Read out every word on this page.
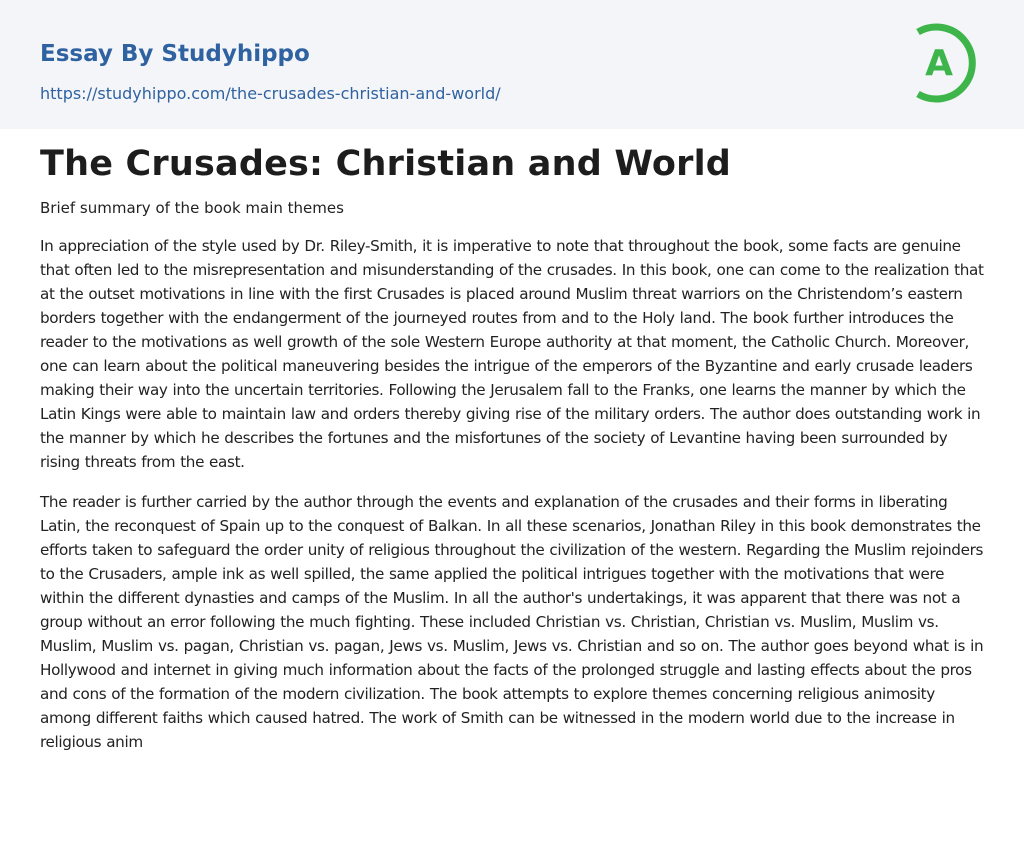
Essay By Studyhippo
https://studyhippo.com/the-crusades-christian-and-world/
A
The Crusades: Christian and World
Brief summary of the book main themes

In appreciation of the style used by Dr. Riley-Smith, it is imperative to note that throughout the book, some facts are genuine that often led to the misrepresentation and misunderstanding of the crusades. In this book, one can come to the realization that at the outset motivations in line with the first Crusades is placed around Muslim threat warriors on the Christendom’s eastern borders together with the endangerment of the journeyed routes from and to the Holy land. The book further introduces the reader to the motivations as well growth of the sole Western Europe authority at that moment, the Catholic Church. Moreover, one can learn about the political maneuvering besides the intrigue of the emperors of the Byzantine and early crusade leaders making their way into the uncertain territories. Following the Jerusalem fall to the Franks, one learns the manner by which the Latin Kings were able to maintain law and orders thereby giving rise of the military orders. The author does outstanding work in the manner by which he describes the fortunes and the misfortunes of the society of Levantine having been surrounded by rising threats from the east.

The reader is further carried by the author through the events and explanation of the crusades and their forms in liberating Latin, the reconquest of Spain up to the conquest of Balkan. In all these scenarios, Jonathan Riley in this book demonstrates the efforts taken to safeguard the order unity of religious throughout the civilization of the western. Regarding the Muslim rejoinders to the Crusaders, ample ink as well spilled, the same applied the political intrigues together with the motivations that were within the different dynasties and camps of the Muslim. In all the author's undertakings, it was apparent that there was not a group without an error following the much fighting. These included Christian vs. Christian, Christian vs. Muslim, Muslim vs. Muslim, Muslim vs. pagan, Christian vs. pagan, Jews vs. Muslim, Jews vs. Christian and so on. The author goes beyond what is in Hollywood and internet in giving much information about the facts of the prolonged struggle and lasting effects about the pros and cons of the formation of the modern civilization. The book attempts to explore themes concerning religious animosity among different faiths which caused hatred. The work of Smith can be witnessed in the modern world due to the increase in religious anim
